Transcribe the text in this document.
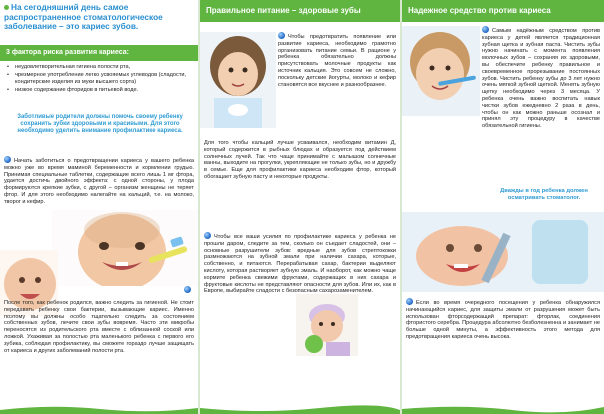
На сегодняшний день самое распространенное стоматологическое заболевание – это кариес зубов.
3 фактора риска развития кариеса:
• неудовлетворительная гигиена полости рта,
• чрезмерное употребление легко усвояемых углеводов (сладости, кондитерские изделия из муки высшего сорта)
• низкое содержание фторидов в питьевой воде.
Заботливые родители должны помочь своему ребенку сохранить зубки здоровыми и красивыми. Для этого необходимо уделить внимание профилактике кариеса.
Начать заботиться о предотвращении кариеса у вашего ребенка можно уже во время маминой беременности и кормлении грудью. Принимая специальные таблетки, содержащие всего лишь 1 мг фтора, удается достичь двойного эффекта: с одной стороны, у плода формируются крепкие зубки, с другой – организм женщины не теряет фтор. И для этого необходимо налегайте на кальций, т.е. на молоко, творог и кефир.
После того, как ребенок родился, важно следить за гигиеной. Не стоит передавать ребенку свои бактерии, вызывающие кариес. Именно поэтому вы должны особо тщательно следить за состоянием собственных зубов, лечите свои зубы вовремя. Часто эти микробы переносятся из родительского рта вместе с облизанной соской или ложкой. Ухаживая за полостью рта маленького ребенка с первого его зубика, соблюдая профилактику, вы сможете гораздо лучше защищать от кариеса и других заболеваний полости рта.
Правильное питание – здоровые зубы
Чтобы предотвратить появление или развитие кариеса, необходимо грамотно организовать питание семьи. В рационе у ребенка обязательно должны присутствовать молочные продукты как источник кальция. Это совсем не сложно, поскольку детские йогурты, молоко и кефир становятся все вкуснее и разнообразнее.
Для того чтобы кальций лучше усваивался, необходим витамин Д, который содержится в рыбных блюдах и образуется под действием солнечных лучей. Так что чаще принимайте с малышом солнечные ванны, выходите на прогулки, укрепляющие не только зубы, но и дружбу в семье. Еще для профилактики кариеса необходим фтор, который обогащает зубную пасту и некоторые продукты.
Чтобы все ваши усилия по профилактике кариеса у ребенка не прошли даром, следите за тем, сколько он съедает сладостей, они – основные разрушители зубов: вредные для зубов стрептококки размножаются на зубной эмали при наличии сахара, которые, собственно, и питаются. Перерабатывая сахар, бактерии выделяют кислоту, которая растворяет зубную эмаль. И наоборот, как можно чаще кормите ребенка свежими фруктами, содержащих в них сахара и фруктовые кислоты не представляют опасности для зубов. Или их, как в Европе, выбирайте сладости с безопасным сахарозаменителем.
Надежное средство против кариеса
Самым надёжным средством против кариеса у детей является традиционная зубная щетка и зубная паста. Чистить зубы нужно начинать с момента появления молочных зубов – сохраняя их здоровыми, вы обеспечите ребенку правильное и своевременное прорезывание постоянных зубов. Чистить ребенку зубы до 3 лет нужно очень мягкой зубной щеткой. Менять зубную щетку необходимо через 3 месяца. У ребенка очень важно воспитать навык чистки зубов ежедневно 2 раза в день, чтобы он как можно раньше осознал и принял эту процедуру в качестве обязательной гигиены.
Дважды в год ребенка должен осматривать стоматолог.
Если во время очередного посещения у ребенка обнаружился начинающийся кариес, для защиты эмали от разрушения может быть использован фторсодержащий препарат: фторлак, соединения фтористого серебра. Процедура абсолютно безболезненна и занимает не больше одной минуты, а эффективность этого метода для предотвращения кариеса очень высока.
